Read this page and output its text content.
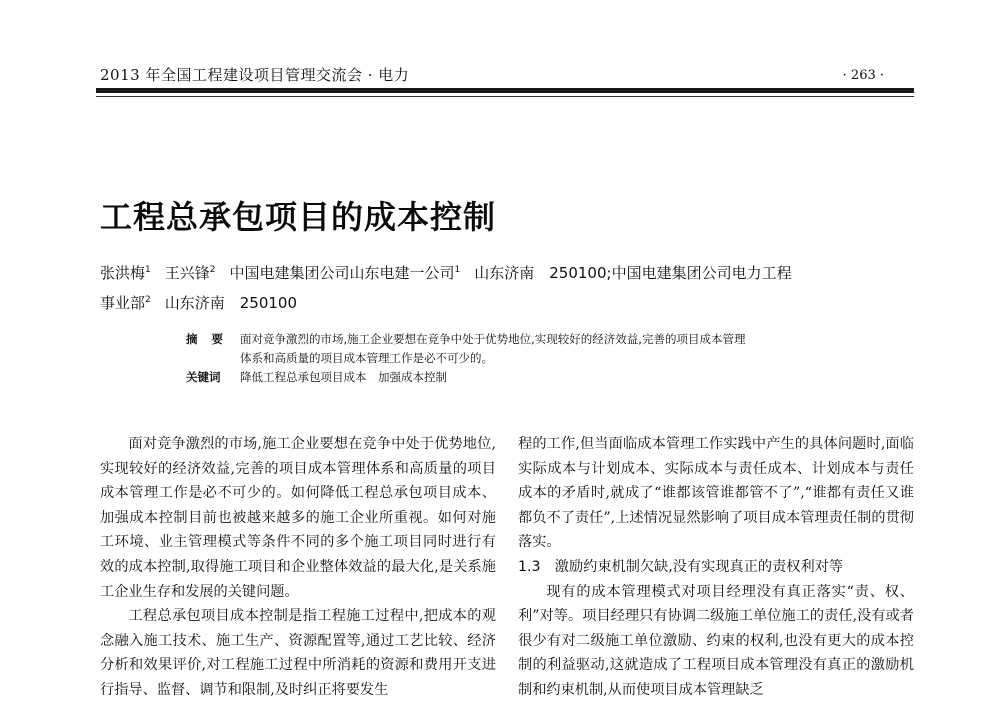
2013 年全国工程建设项目管理交流会 · 电力	· 263 ·
工程总承包项目的成本控制
张洪梅$^1$ 王兴锋$^2$ 中国电建集团公司山东电建一公司$^1$ 山东济南　250100;中国电建集团公司电力工程
事业部$^2$ 山东济南　250100
摘要 面对竞争激烈的市场,施工企业要想在竞争中处于优势地位,实现较好的经济效益,完善的项目成本管理
体系和高质量的项目成本管理工作是必不可少的。
关键词	降低工程总承包项目成本　加强成本控制

面对竞争激烈的市场,施工企业要想在竞争中处于优势地位,实现较好的经济效益,完善的项目成本管理体系和高质量的项目成本管理工作是必不可少的。如何降低工程总承包项目成本、加强成本控制目前也被越来越多的施工企业所重视。如何对施工环境、业主管理模式等条件不同的多个施工项目同时进行有效的成本控制,取得施工项目和企业整体效益的最大化,是关系施工企业生存和发展的关键问题。

工程总承包项目成本控制是指工程施工过程中,把成本的观念融入施工技术、施工生产、资源配置等,通过工艺比较、经济分析和效果评价,对工程施工过程中所消耗的资源和费用开支进行指导、监督、调节和限制,及时纠正将要发生

程的工作,但当面临成本管理工作实践中产生的具体问题时,面临实际成本与计划成本、实际成本与责任成本、计划成本与责任成本的矛盾时,就成了“谁都该管谁都管不了”,“谁都有责任又谁都负不了责任”,上述情况显然影响了项目成本管理责任制的贯彻落实。

1.3　激励约束机制欠缺,没有实现真正的责权利对等

现有的成本管理模式对项目经理没有真正落实“责、权、利”对等。项目经理只有协调二级施工单位施工的责任,没有或者很少有对二级施工单位激励、约束的权利,也没有更大的成本控制的利益驱动,这就造成了工程项目成本管理没有真正的激励机制和约束机制,从而使项目成本管理缺乏
